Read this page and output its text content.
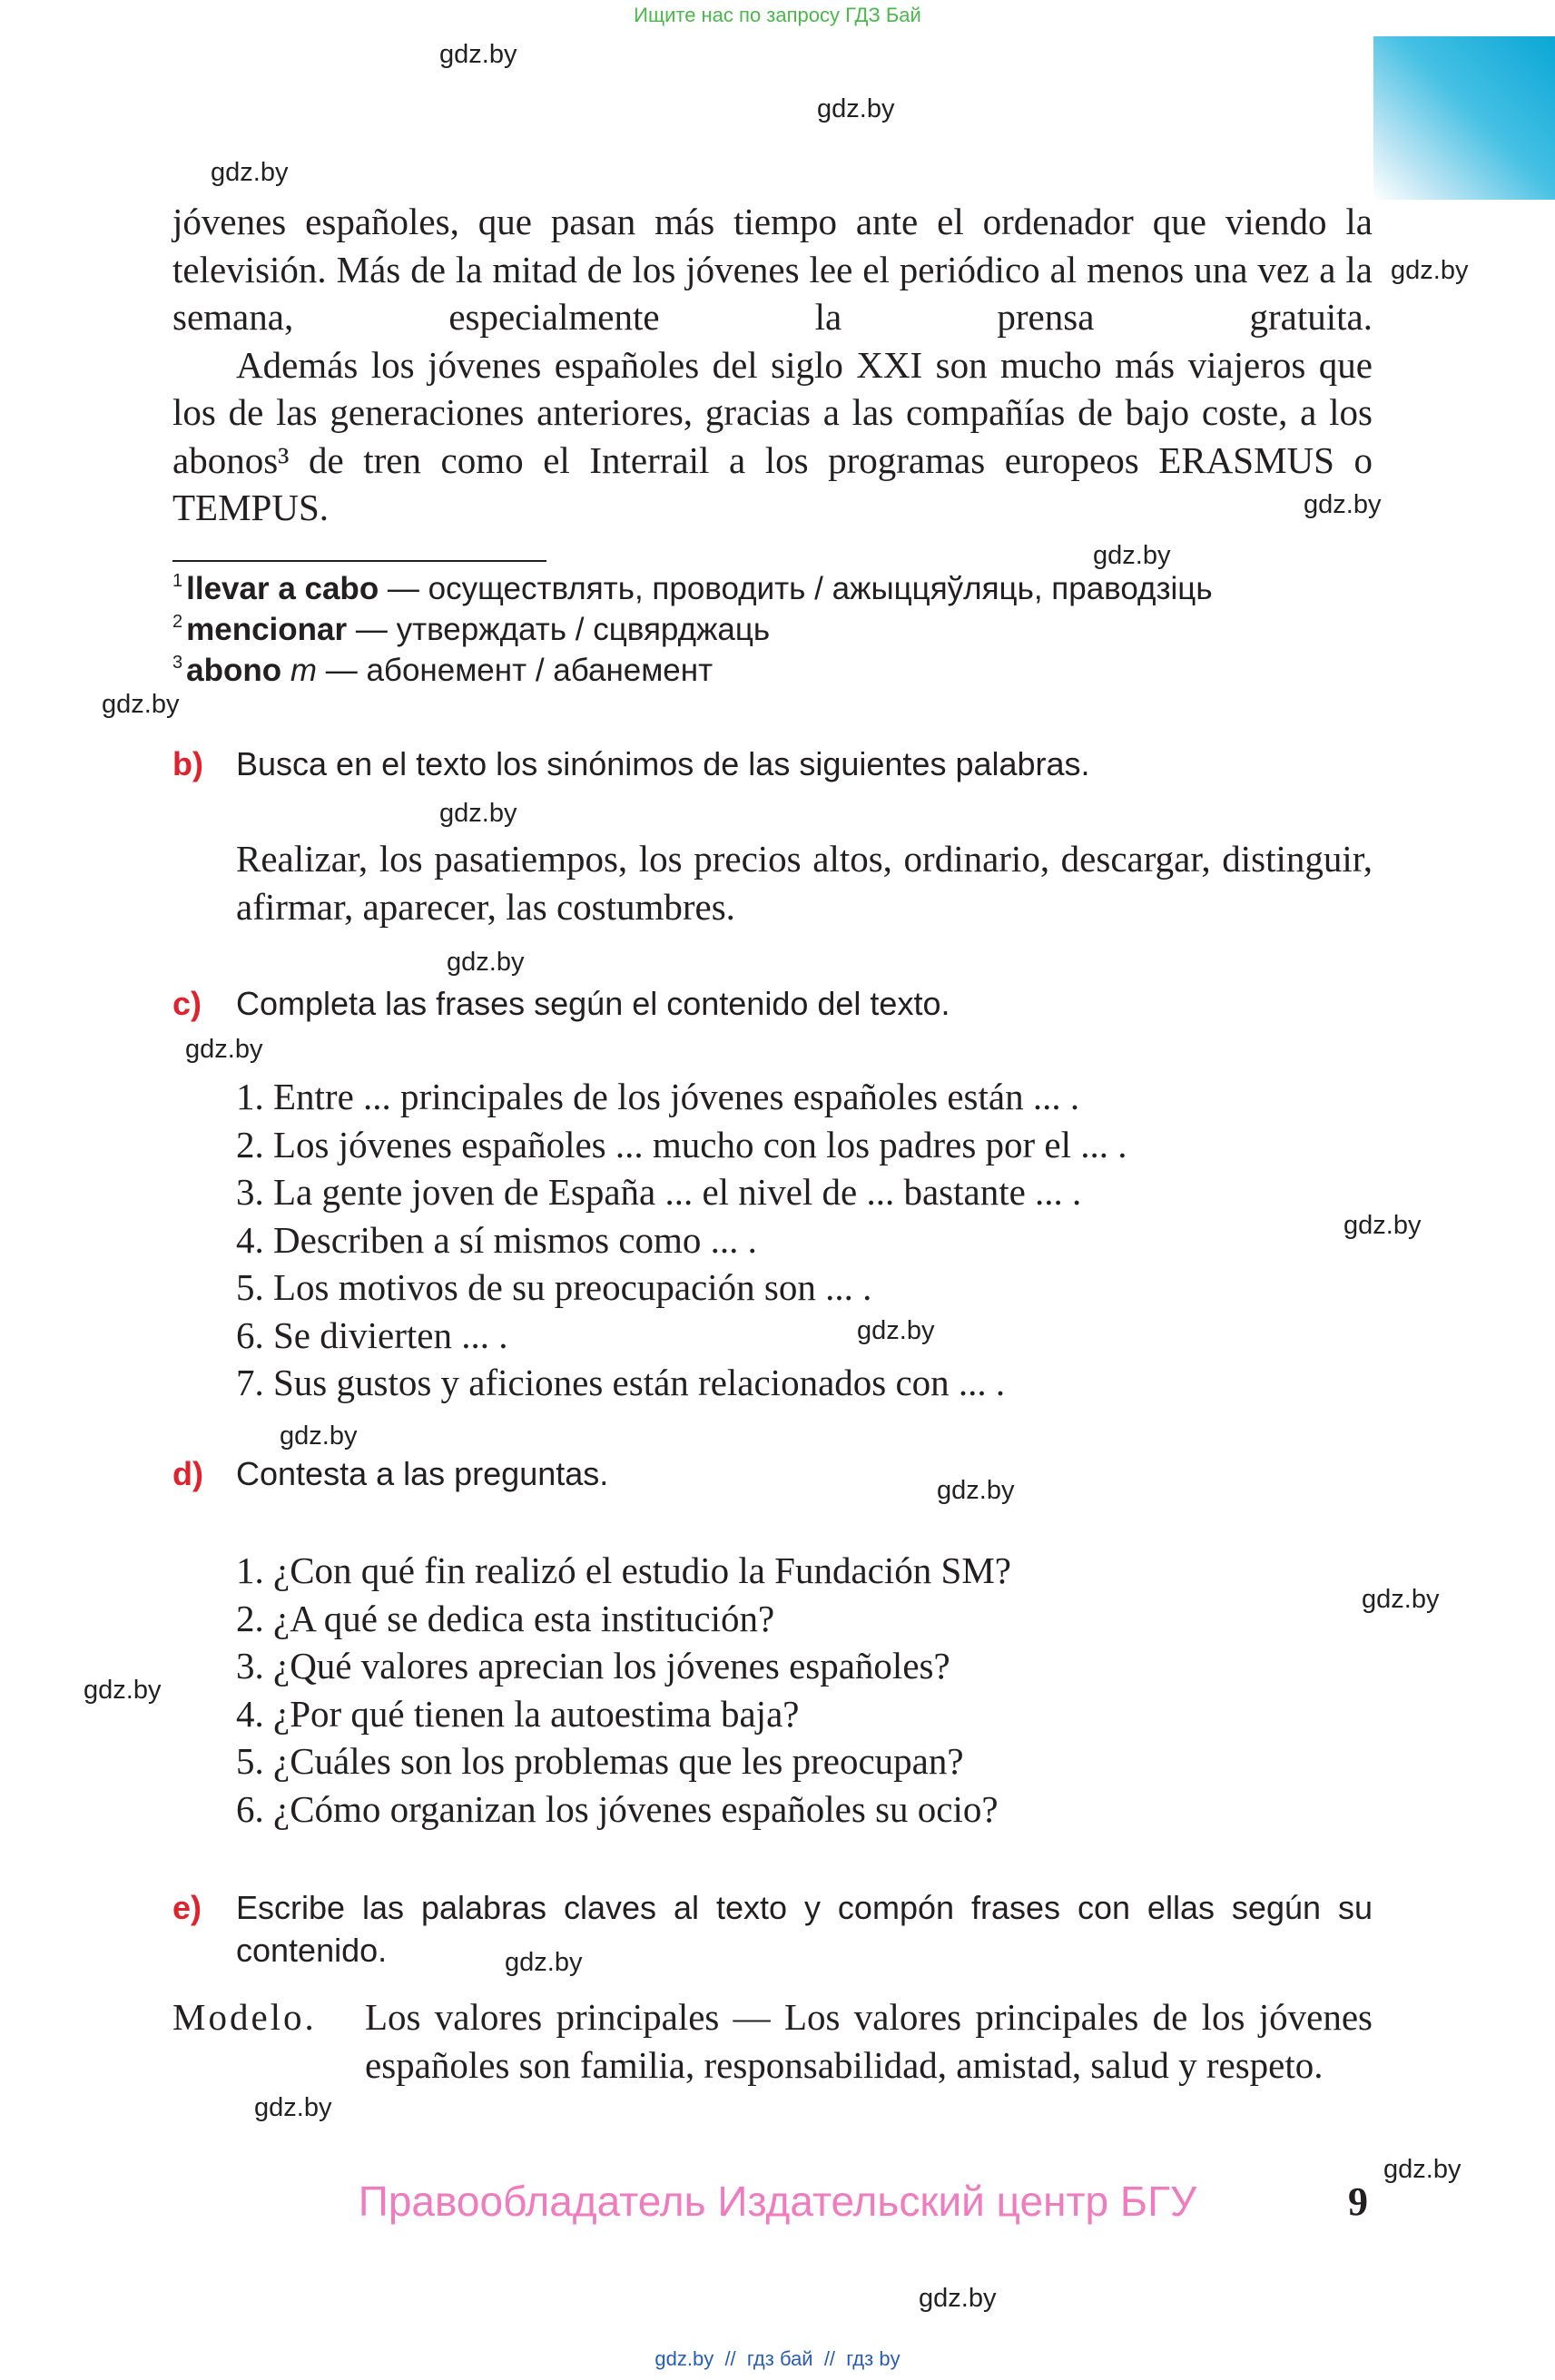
Ищите нас по запросу ГДЗ Бай
gdz.by
gdz.by
gdz.by
gdz.by
gdz.by
gdz.by
gdz.by
gdz.by
gdz.by
gdz.by
gdz.by
gdz.by
gdz.by
gdz.by
gdz.by
gdz.by
gdz.by
gdz.by
gdz.by
gdz.by

jóvenes españoles, que pasan más tiempo ante el ordenador que viendo la televisión. Más de la mitad de los jóvenes lee el periódico al menos una vez a la semana, especialmente la prensa gratuita.

Además los jóvenes españoles del siglo XXI son mucho más viajeros que los de las generaciones anteriores, gracias a las compañías de bajo coste, a los abonos³ de tren como el Interrail a los programas europeos ERASMUS o TEMPUS.

$^1$ llevar a cabo — осуществлять, проводить / ажыццяўляць, праводзіць
$^2$ mencionar — утверждать / сцвярджаць
$^3$ abono m — абонемент / абанемент
b) Busca en el texto los sinónimos de las siguientes palabras.

Realizar, los pasatiempos, los precios altos, ordinario, descargar, distinguir, afirmar, aparecer, las costumbres.

c) Completa las frases según el contenido del texto.
1. Entre ... principales de los jóvenes españoles están ... .
2. Los jóvenes españoles ... mucho con los padres por el ... .
3. La gente joven de España ... el nivel de ... bastante ... .
4. Describen a sí mismos como ... .
5. Los motivos de su preocupación son ... .
6. Se divierten ... .
7. Sus gustos y aficiones están relacionados con ... .
d) Contesta a las preguntas.
1. ¿Con qué fin realizó el estudio la Fundación SM?
2. ¿A qué se dedica esta institución?
3. ¿Qué valores aprecian los jóvenes españoles?
4. ¿Por qué tienen la autoestima baja?
5. ¿Cuáles son los problemas que les preocupan?
6. ¿Cómo organizan los jóvenes españoles su ocio?
e) Escribe las palabras claves al texto y compón frases con ellas según su contenido.
Modelo. Los valores principales — Los valores principales de los jóvenes españoles son familia, responsabilidad, amistad, salud y respeto.
Правообладатель Издательский центр БГУ	9
gdz.by  //  гдз бай  //  гдз by
